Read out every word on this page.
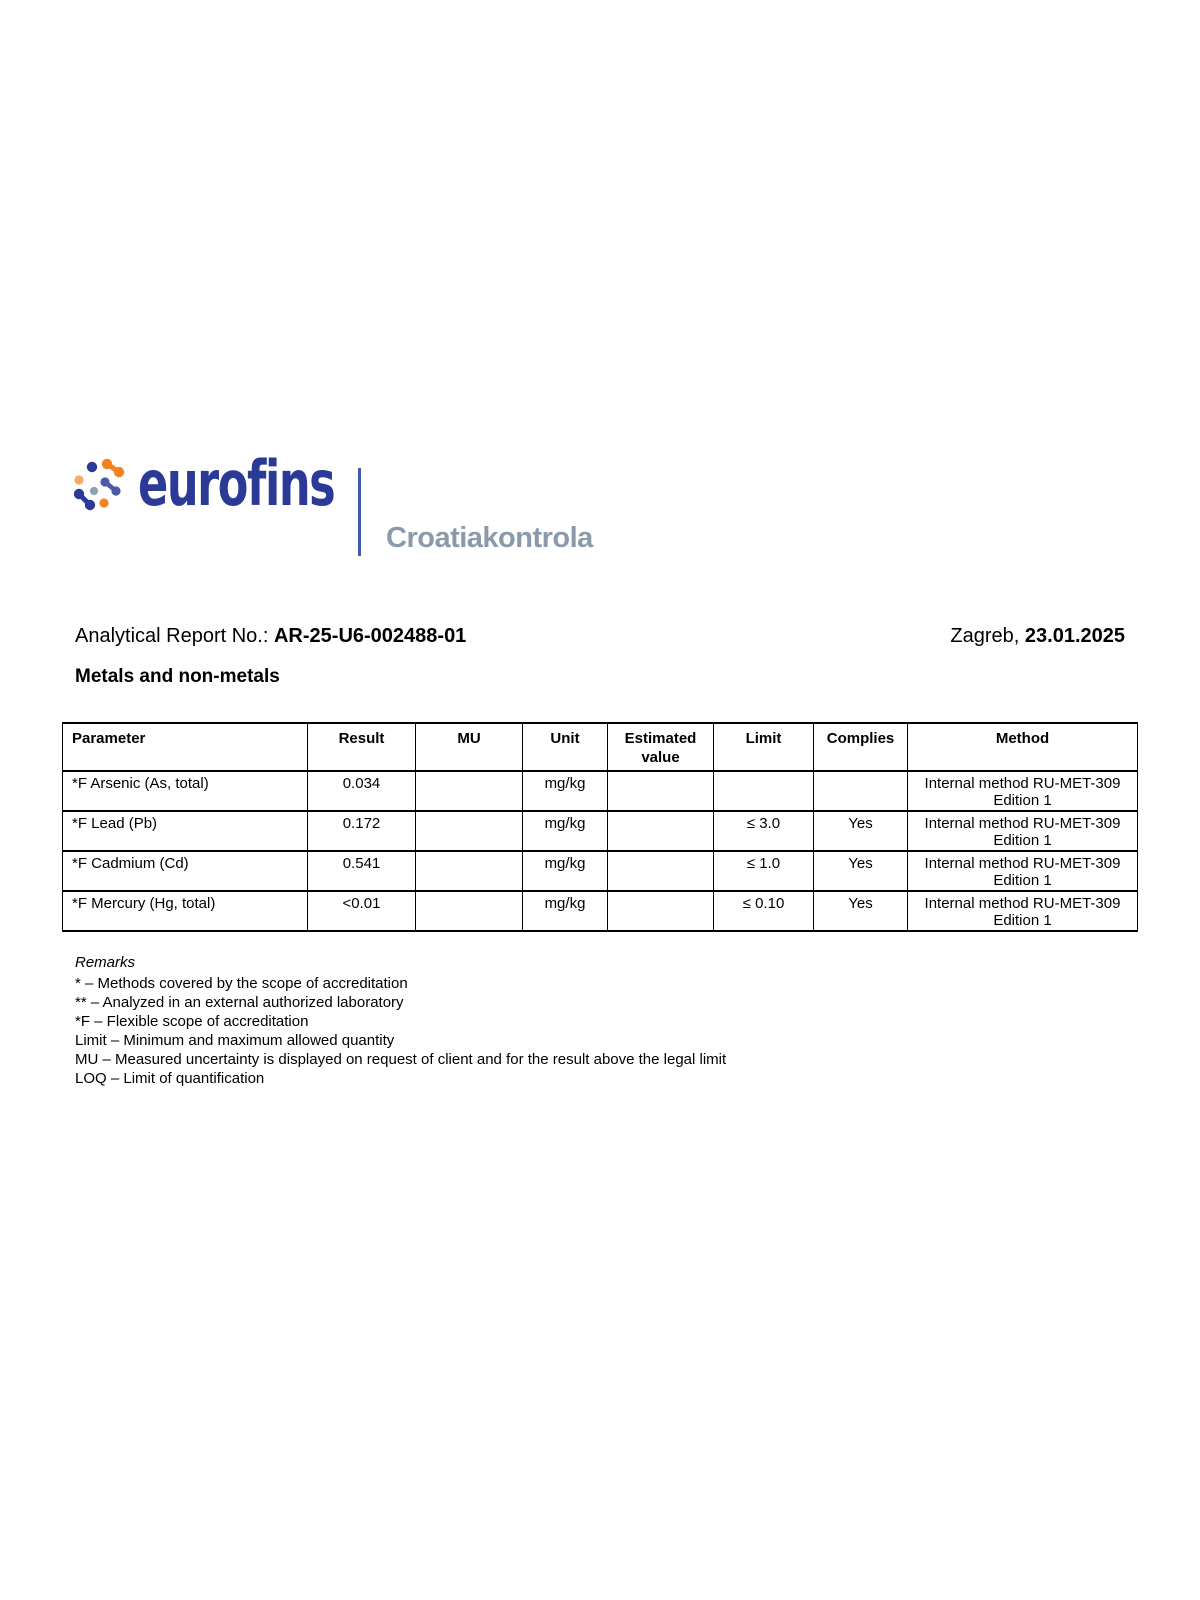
eurofins
Croatiakontrola
Analytical Report No.: AR-25-U6-002488-01	Zagreb, 23.01.2025
Metals and non-metals
Parameter	Result	MU	Unit	Estimated value	Limit	Complies	Method
*F Arsenic (As, total)	0.034		mg/kg				Internal method RU-MET-309 Edition 1
*F Lead (Pb)	0.172		mg/kg		≤ 3.0	Yes	Internal method RU-MET-309 Edition 1
*F Cadmium (Cd)	0.541		mg/kg		≤ 1.0	Yes	Internal method RU-MET-309 Edition 1
*F Mercury (Hg, total)	<0.01		mg/kg		≤ 0.10	Yes	Internal method RU-MET-309 Edition 1
Remarks
* – Methods covered by the scope of accreditation
** – Analyzed in an external authorized laboratory
*F – Flexible scope of accreditation
Limit – Minimum and maximum allowed quantity
MU – Measured uncertainty is displayed on request of client and for the result above the legal limit
LOQ – Limit of quantification
